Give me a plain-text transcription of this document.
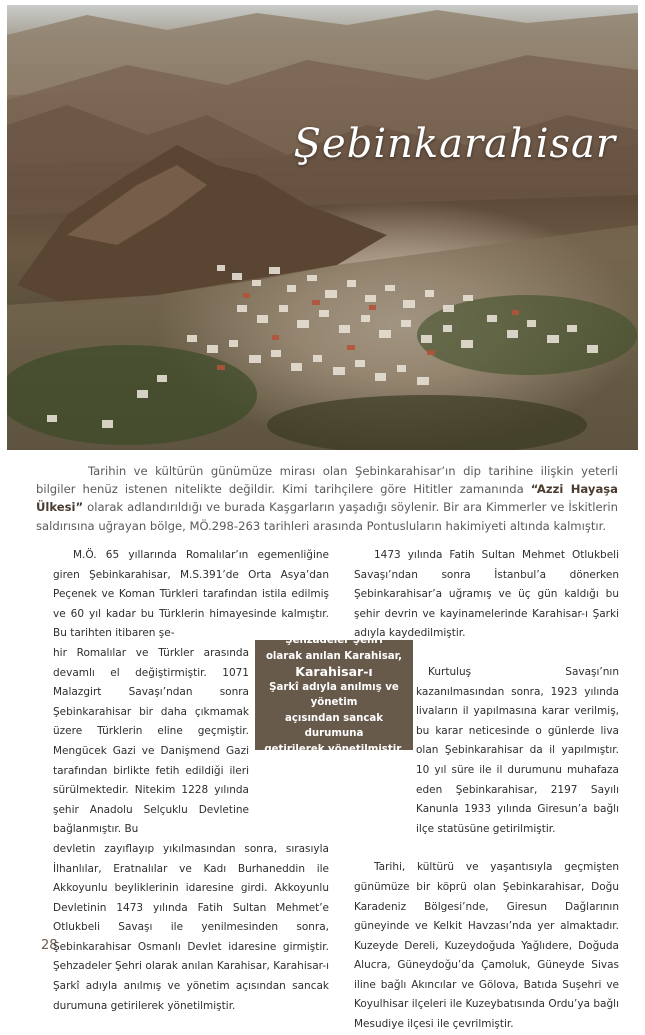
Şebinkarahisar

Tarihin ve kültürün günümüze mirası olan Şebinkarahisar’ın dip tarihine ilişkin yeterli bilgiler henüz istenen nitelikte değildir. Kimi tarihçilere göre Hititler zamanında “Azzi Hayaşa Ülkesi” olarak adlandırıldığı ve burada Kaşgarların yaşadığı söylenir. Bir ara Kimmerler ve İskitlerin saldırısına uğrayan bölge, MÖ.298-263 tarihleri arasında Pontusluların hakimiyeti altında kalmıştır.

M.Ö. 65 yıllarında Romalılar’ın egemenliğine giren Şebinkarahisar, M.S.391’de Orta Asya’dan Peçenek ve Koman Türkleri tarafından istila edilmiş ve 60 yıl kadar bu Türklerin himayesinde kalmıştır. Bu tarihten itibaren şe-
hir Romalılar ve Türkler arasında devamlı el değiştirmiştir. 1071 Malazgirt Savaşı’ndan sonra Şebinkarahisar bir daha çıkmamak üzere Türklerin eline geçmiştir. Mengücek Gazi ve Danişmend Gazi tarafından birlikte fetih edildiği ileri sürülmektedir. Nitekim 1228 yılında şehir Anadolu Selçuklu Devletine bağlanmıştır. Bu
devletin zayıflayıp yıkılmasından sonra, sırasıyla İlhanlılar, Eratnalılar ve Kadı Burhaneddin ile Akkoyunlu beyliklerinin idaresine girdi. Akkoyunlu Devletinin 1473 yılında Fatih Sultan Mehmet’e Otlukbeli Savaşı ile yenilmesinden sonra, Şebinkarahisar Osmanlı Devlet idaresine girmiştir. Şehzadeler Şehri olarak anılan Karahisar, Karahisar-ı Şarkî adıyla anılmış ve yönetim açısından sancak durumuna getirilerek yönetilmiştir.

Şehzadeler Şehri
olarak anılan Karahisar,
Karahisar-ı
Şarkî adıyla anılmış ve yönetim
açısından sancak durumuna
getirilerek yönetilmiştir.

1473 yılında Fatih Sultan Mehmet Otlukbeli Savaşı’ndan sonra İstanbul’a dönerken Şebinkarahisar’a uğramış ve üç gün kaldığı bu şehir devrin ve kayinamelerinde Karahisar-ı Şarki adıyla kaydedilmiştir.

Kurtuluş Savaşı’nın kazanılmasından sonra, 1923 yılında livaların il yapılmasına karar verilmiş, bu karar neticesinde o günlerde liva olan Şebinkarahisar da il yapılmıştır. 10 yıl süre ile il durumunu muhafaza eden Şebinkarahisar, 2197 Sayılı Kanunla 1933 yılında Giresun’a bağlı ilçe statüsüne getirilmiştir.

Tarihi, kültürü ve yaşantısıyla geçmişten günümüze bir köprü olan Şebinkarahisar, Doğu Karadeniz Bölgesi’nde, Giresun Dağlarının güneyinde ve Kelkit Havzası’nda yer almaktadır. Kuzeyde Dereli, Kuzeydoğuda Yağlıdere, Doğuda Alucra, Güneydoğu’da Çamoluk, Güneyde Sivas iline bağlı Akıncılar ve Gölova, Batıda Suşehri ve Koyulhisar ilçeleri ile Kuzeybatısında Ordu’ya bağlı Mesudiye ilçesi ile çevrilmiştir.

28
